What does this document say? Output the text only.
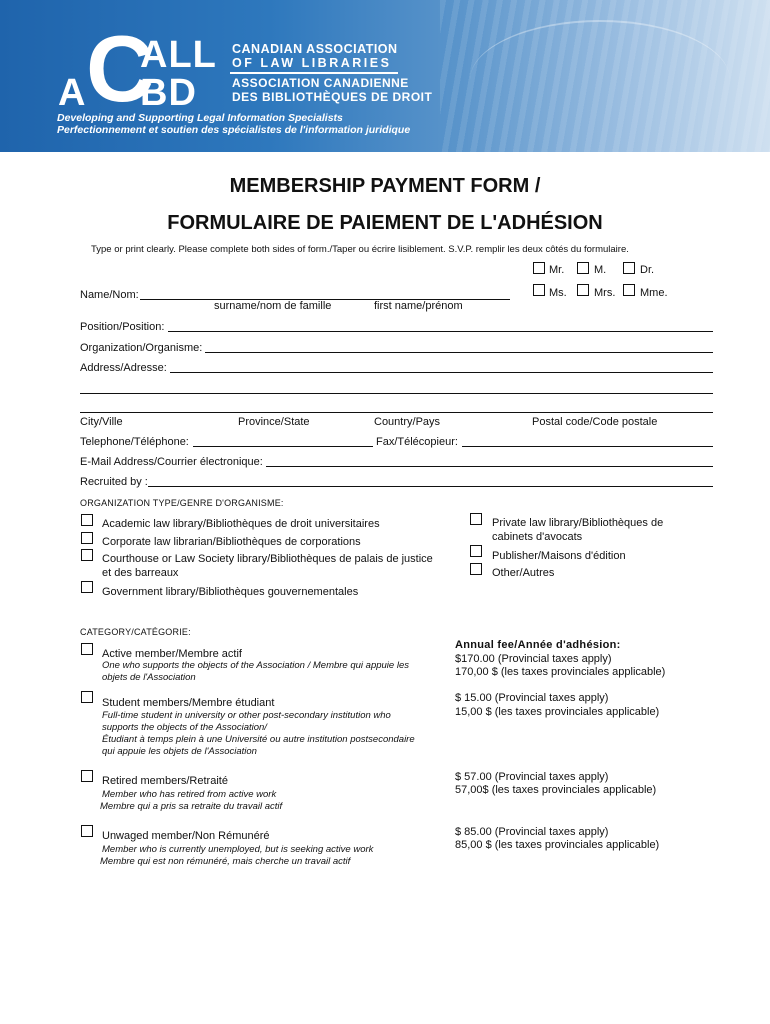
C
ALL
A BD
CANADIAN ASSOCIATION
OF LAW LIBRARIES
ASSOCIATION CANADIENNE
DES BIBLIOTHÈQUES DE DROIT
Developing and Supporting Legal Information Specialists
Perfectionnement et soutien des spécialistes de l'information juridique
MEMBERSHIP PAYMENT FORM /
FORMULAIRE DE PAIEMENT DE L'ADHÉSION
Type or print clearly. Please complete both sides of form./Taper ou écrire lisiblement. S.V.P. remplir les deux côtés du formulaire.
Mr.	M.	Dr.
Ms. Mrs. Mme.
Name/Nom:
surname/nom de famille	first name/prénom
Position/Position:
Organization/Organisme:
Address/Adresse:
City/Ville	Province/State	Country/Pays	Postal code/Code postale
Telephone/Téléphone:	Fax/Télécopieur:
E-Mail Address/Courrier électronique:
Recruited by :
ORGANIZATION TYPE/GENRE D'ORGANISME:
Academic law library/Bibliothèques de droit universitaires
Corporate law librarian/Bibliothèques de corporations
Courthouse or Law Society library/Bibliothèques de palais de justice
et des barreaux
Government library/Bibliothèques gouvernementales
Private law library/Bibliothèques de
cabinets d'avocats
Publisher/Maisons d'édition
Other/Autres
CATEGORY/CATÉGORIE:
Annual fee/Année d'adhésion:
Active member/Membre actif
One who supports the objects of the Association / Membre qui appuie les
objets de l'Association
$170.00 (Provincial taxes apply)
170,00 $ (les taxes provinciales applicable)
Student members/Membre étudiant
Full-time student in university or other post-secondary institution who
supports the objects of the Association/
Étudiant à temps plein à une Université ou autre institution postsecondaire
qui appuie les objets de l'Association
$ 15.00 (Provincial taxes apply)
15,00 $ (les taxes provinciales applicable)
Retired members/Retraité
Member who has retired from active work
Membre qui a pris sa retraite du travail actif
$ 57.00 (Provincial taxes apply)
57,00$ (les taxes provinciales applicable)
Unwaged member/Non Rémunéré
Member who is currently unemployed, but is seeking active work
Membre qui est non rémunéré, mais cherche un travail actif
$ 85.00 (Provincial taxes apply)
85,00 $ (les taxes provinciales applicable)
